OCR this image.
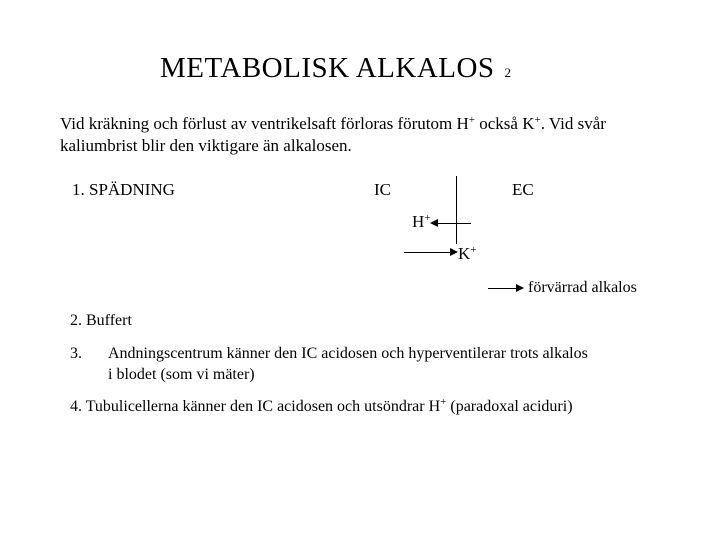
METABOLISK ALKALOS 2
Vid kräkning och förlust av ventrikelsaft förloras förutom H+ också K+. Vid svår kaliumbrist blir den viktigare än alkalosen.
1. SPÄDNING	IC	EC
H+
K+
förvärrad alkalos
2. Buffert
3. Andningscentrum känner den IC acidosen och hyperventilerar trots alkalos
i blodet (som vi mäter)
4. Tubulicellerna känner den IC acidosen och utsöndrar H+ (paradoxal aciduri)
